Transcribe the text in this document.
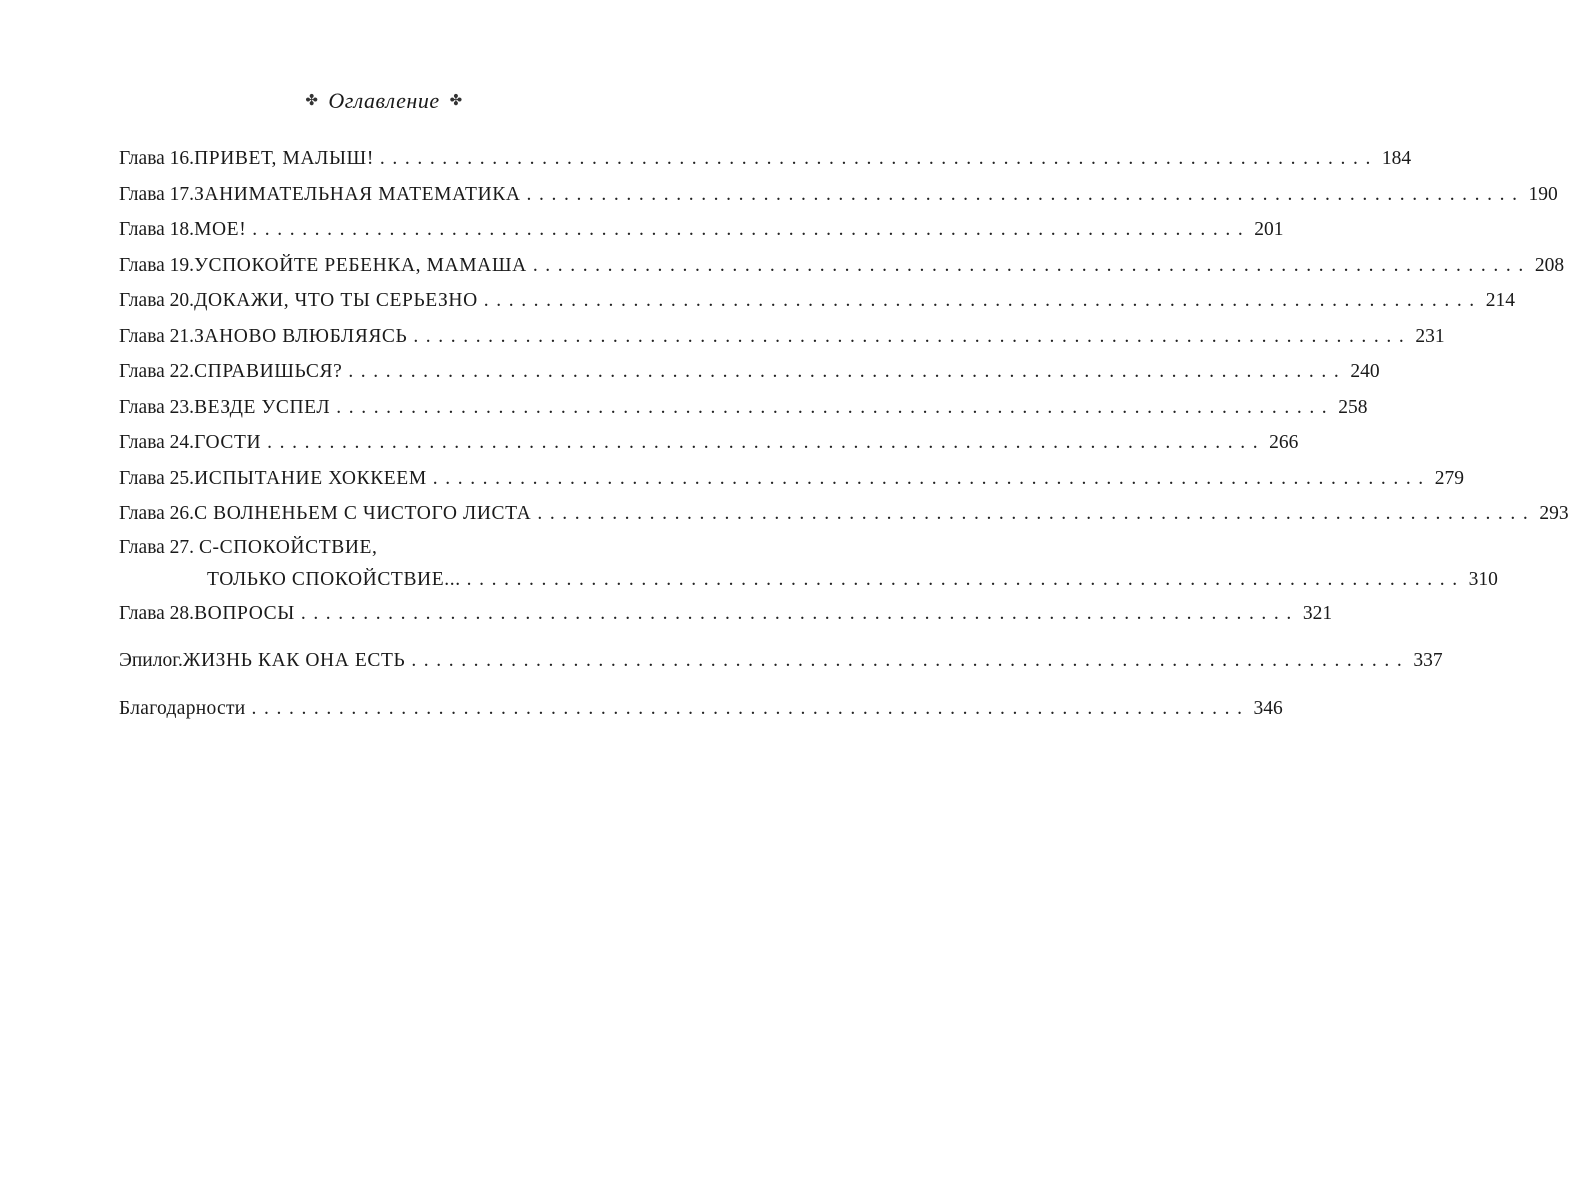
✤ Оглавление ✤
Глава 16. ПРИВЕТ, МАЛЫШ! ................................................................................ 184
Глава 17. ЗАНИМАТЕЛЬНАЯ МАТЕМАТИКА ................................................................................ 190
Глава 18. МОЕ! ................................................................................ 201
Глава 19. УСПОКОЙТЕ РЕБЕНКА, МАМАША ................................................................................ 208
Глава 20. ДОКАЖИ, ЧТО ТЫ СЕРЬЕЗНО ................................................................................ 214
Глава 21. ЗАНОВО ВЛЮБЛЯЯСЬ ................................................................................ 231
Глава 22. СПРАВИШЬСЯ? ................................................................................ 240
Глава 23. ВЕЗДЕ УСПЕЛ ................................................................................ 258
Глава 24. ГОСТИ ................................................................................ 266
Глава 25. ИСПЫТАНИЕ ХОККЕЕМ ................................................................................ 279
Глава 26. С ВОЛНЕНЬЕМ С ЧИСТОГО ЛИСТА ................................................................................ 293
Глава 27. С-СПОКОЙСТВИЕ,
ТОЛЬКО СПОКОЙСТВИЕ... ................................................................................ 310
Глава 28. ВОПРОСЫ ................................................................................ 321
Эпилог. ЖИЗНЬ КАК ОНА ЕСТЬ ................................................................................ 337
Благодарности ................................................................................ 346
